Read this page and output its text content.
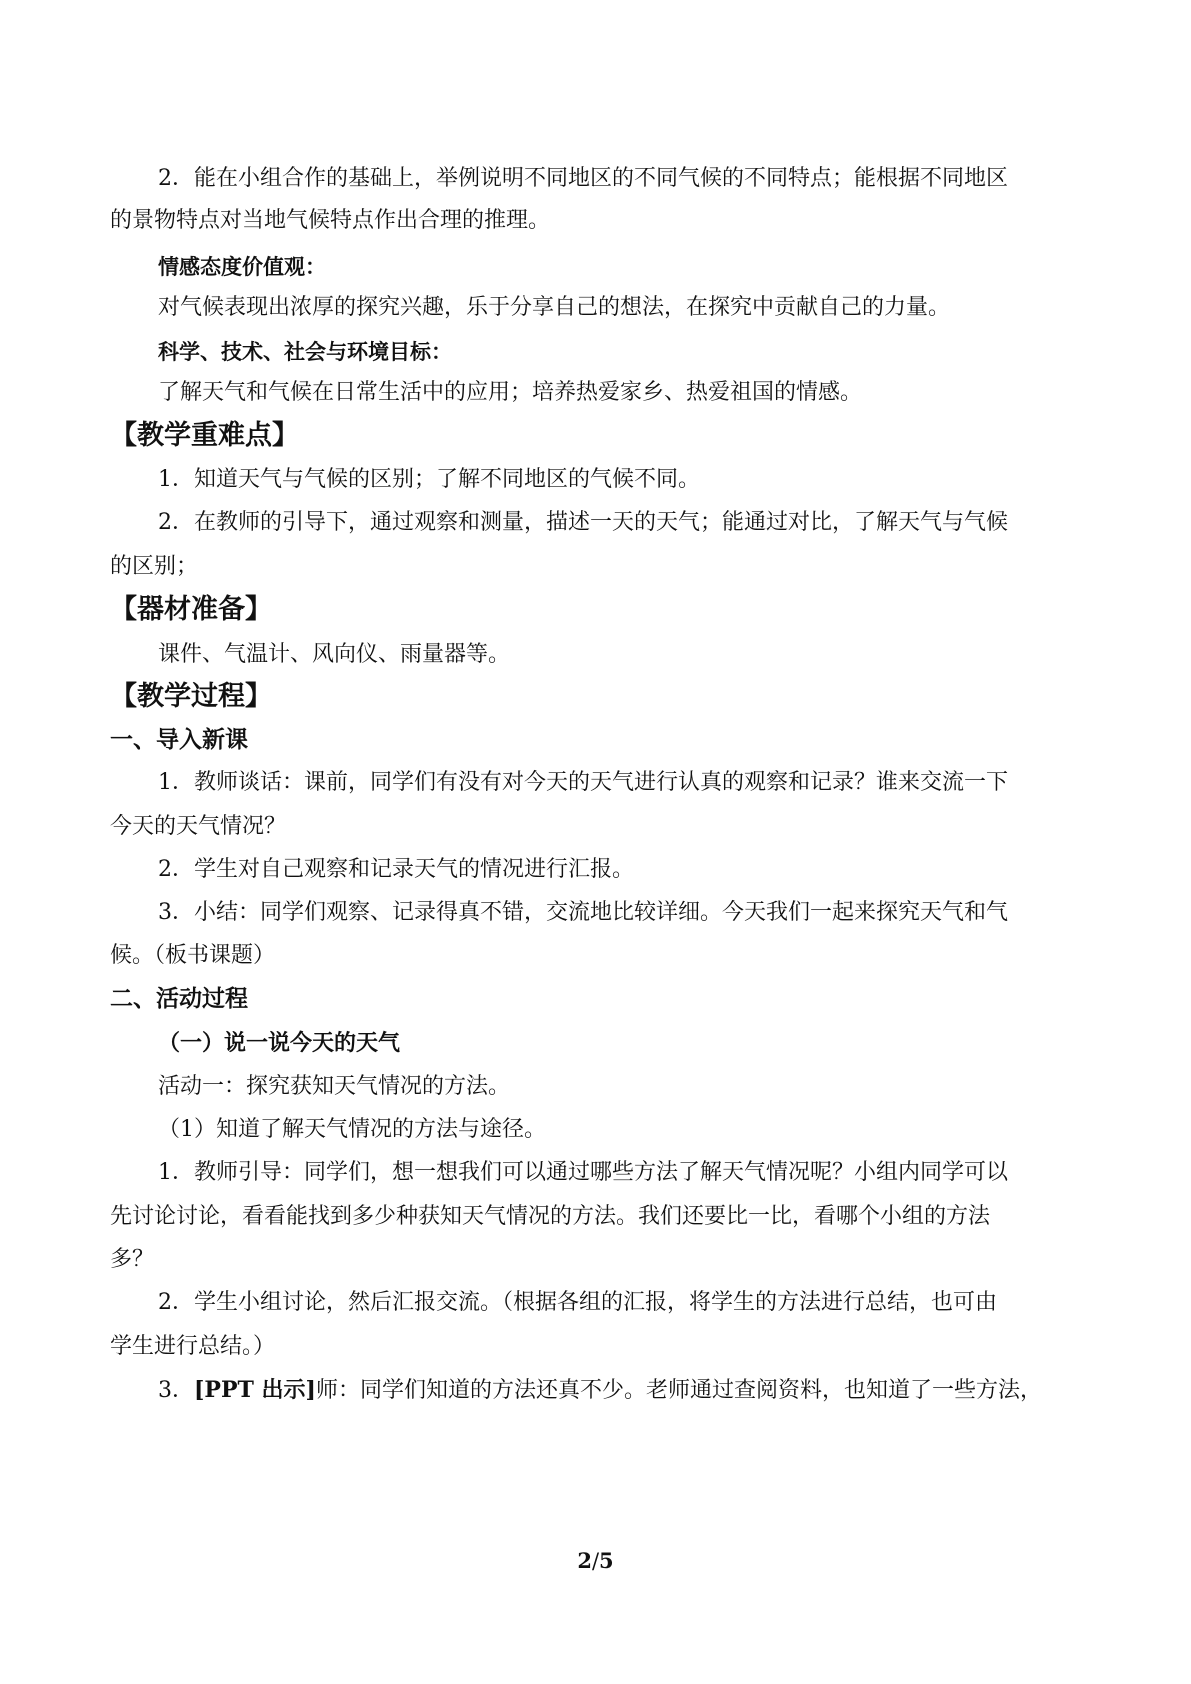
2．能在小组合作的基础上，举例说明不同地区的不同气候的不同特点；能根据不同地区
的景物特点对当地气候特点作出合理的推理。
情感态度价值观：
对气候表现出浓厚的探究兴趣，乐于分享自己的想法，在探究中贡献自己的力量。
科学、技术、社会与环境目标：
了解天气和气候在日常生活中的应用；培养热爱家乡、热爱祖国的情感。
【教学重难点】
1．知道天气与气候的区别；了解不同地区的气候不同。
2．在教师的引导下，通过观察和测量，描述一天的天气；能通过对比，了解天气与气候
的区别；
【器材准备】
课件、气温计、风向仪、雨量器等。
【教学过程】
一、导入新课
1．教师谈话：课前，同学们有没有对今天的天气进行认真的观察和记录？谁来交流一下
今天的天气情况？
2．学生对自己观察和记录天气的情况进行汇报。
3．小结：同学们观察、记录得真不错，交流地比较详细。今天我们一起来探究天气和气
候。（板书课题）
二、活动过程
（一）说一说今天的天气
活动一：探究获知天气情况的方法。
（1）知道了解天气情况的方法与途径。
1．教师引导：同学们，想一想我们可以通过哪些方法了解天气情况呢？小组内同学可以
先讨论讨论，看看能找到多少种获知天气情况的方法。我们还要比一比，看哪个小组的方法
多？
2．学生小组讨论，然后汇报交流。（根据各组的汇报，将学生的方法进行总结，也可由
学生进行总结。）
3．[PPT 出示]师：同学们知道的方法还真不少。老师通过查阅资料，也知道了一些方法，
2/5
